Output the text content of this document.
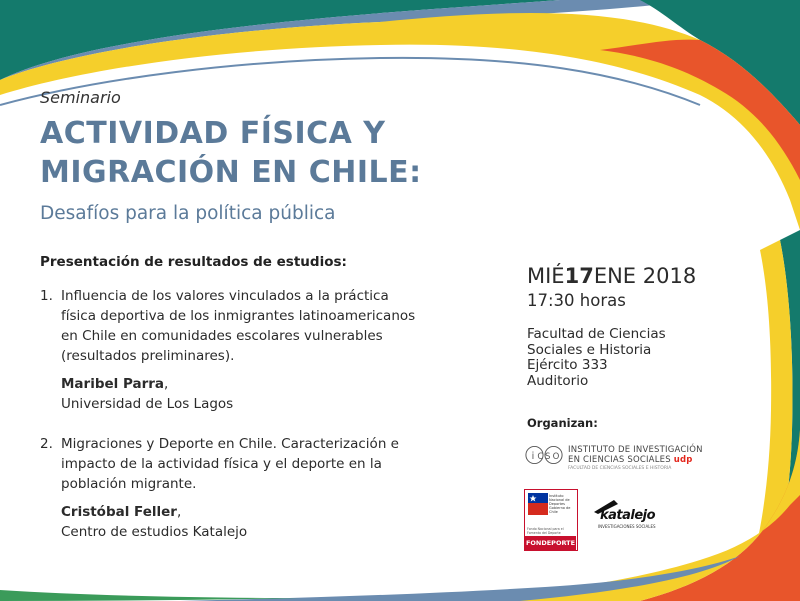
Seminario
ACTIVIDAD FÍSICA Y
MIGRACIÓN EN CHILE:
Desafíos para la política pública
Presentación de resultados de estudios:
1. Influencia de los valores vinculados a la práctica física deportiva de los inmigrantes latinoamericanos en Chile en comunidades escolares vulnerables (resultados preliminares).
Maribel Parra,
Universidad de Los Lagos
2. Migraciones y Deporte en Chile. Caracterización e impacto de la actividad física y el deporte en la población migrante.
Cristóbal Feller,
Centro de estudios Katalejo
MIÉ17ENE 2018
17:30 horas
Facultad de Ciencias
Sociales e Historia
Ejército 333
Auditorio
Organizan:
i C S O
INSTITUTO DE INVESTIGACIÓN
EN CIENCIAS SOCIALES udp
FACULTAD DE CIENCIAS SOCIALES E HISTORIA
Instituto Nacional de Deportes Gobierno de Chile
Fondo Nacional para el Fomento del Deporte
FONDEPORTE
katalejo
INVESTIGACIONES SOCIALES
